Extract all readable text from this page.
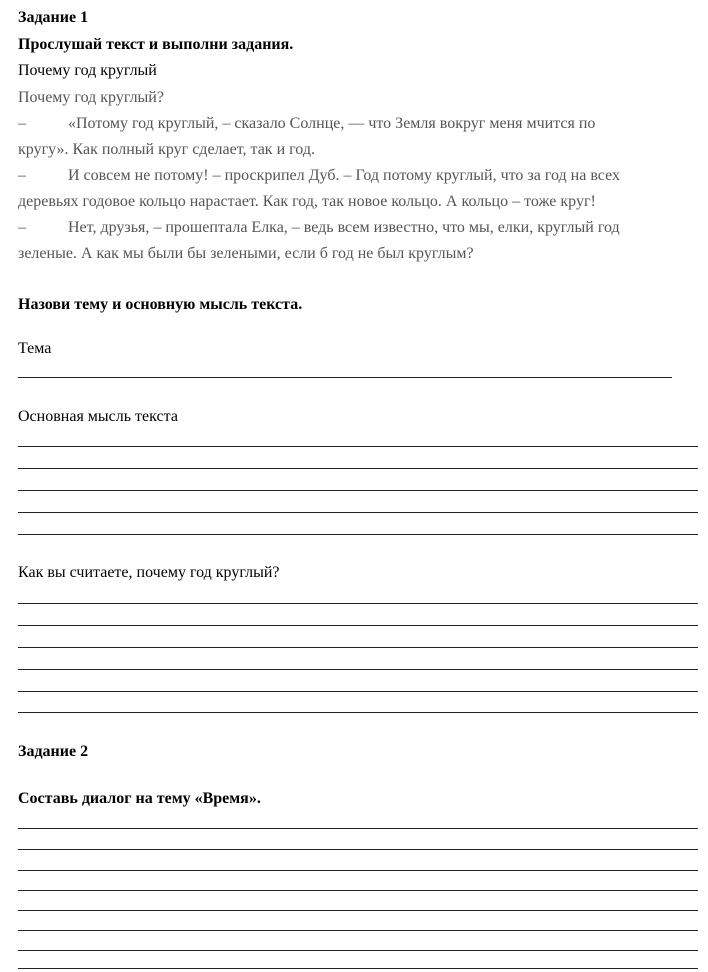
Задание 1
Прослушай текст и выполни задания.
Почему год круглый
Почему год круглый?
–	«Потому год круглый, – сказало Солнце, — что Земля вокруг меня мчится по
кругу». Как полный круг сделает, так и год.
–	И совсем не потому! – проскрипел Дуб. – Год потому круглый, что за год на всех
деревьях годовое кольцо нарастает. Как год, так новое кольцо. А кольцо – тоже круг!
–	Нет, друзья, – прошептала Елка, – ведь всем известно, что мы, елки, круглый год
зеленые. А как мы были бы зелеными, если б год не был круглым?
Назови тему и основную мысль текста.
Тема
Основная мысль текста
Как вы считаете, почему год круглый?
Задание 2
Составь диалог на тему «Время».
